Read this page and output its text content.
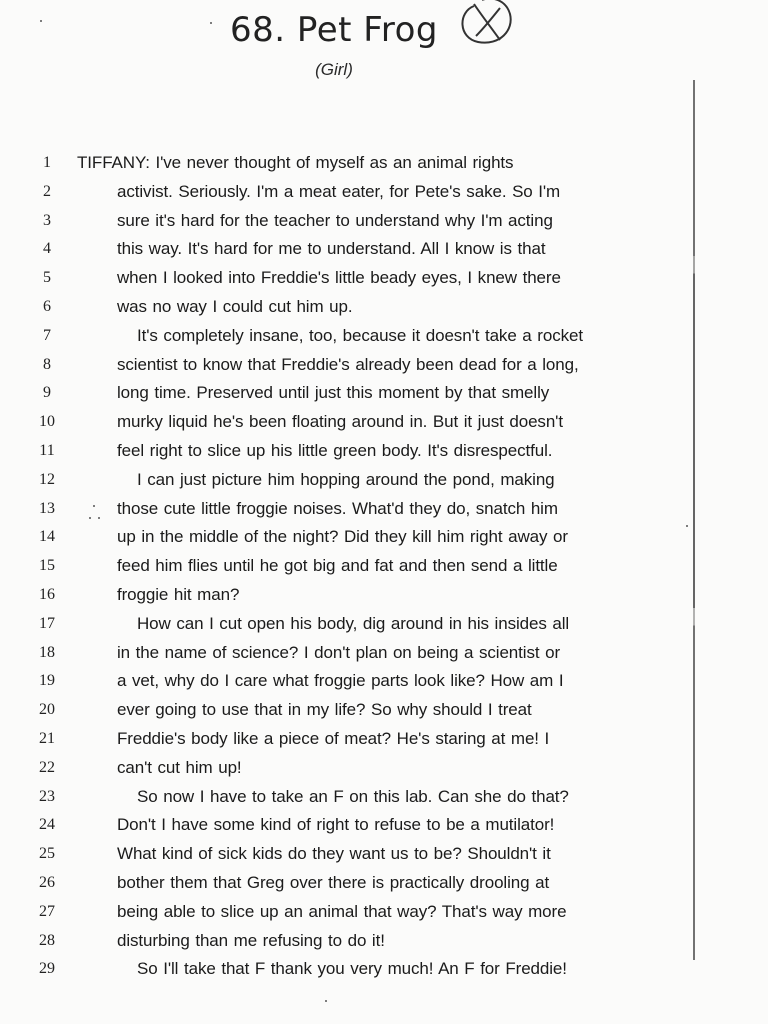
68. Pet Frog
(Girl)
1	TIFFANY: I've never thought of myself as an animal rights
2	activist. Seriously. I'm a meat eater, for Pete's sake. So I'm
3	sure it's hard for the teacher to understand why I'm acting
4	this way. It's hard for me to understand. All I know is that
5	when I looked into Freddie's little beady eyes, I knew there
6	was no way I could cut him up.
7	It's completely insane, too, because it doesn't take a rocket
8	scientist to know that Freddie's already been dead for a long,
9	long time. Preserved until just this moment by that smelly
10	murky liquid he's been floating around in. But it just doesn't
11	feel right to slice up his little green body. It's disrespectful.
12	I can just picture him hopping around the pond, making
13	those cute little froggie noises. What'd they do, snatch him
14	up in the middle of the night? Did they kill him right away or
15	feed him flies until he got big and fat and then send a little
16	froggie hit man?
17	How can I cut open his body, dig around in his insides all
18	in the name of science? I don't plan on being a scientist or
19	a vet, why do I care what froggie parts look like? How am I
20	ever going to use that in my life? So why should I treat
21	Freddie's body like a piece of meat? He's staring at me! I
22	can't cut him up!
23	So now I have to take an F on this lab. Can she do that?
24	Don't I have some kind of right to refuse to be a mutilator!
25	What kind of sick kids do they want us to be? Shouldn't it
26	bother them that Greg over there is practically drooling at
27	being able to slice up an animal that way? That's way more
28	disturbing than me refusing to do it!
29	So I'll take that F thank you very much! An F for Freddie!
